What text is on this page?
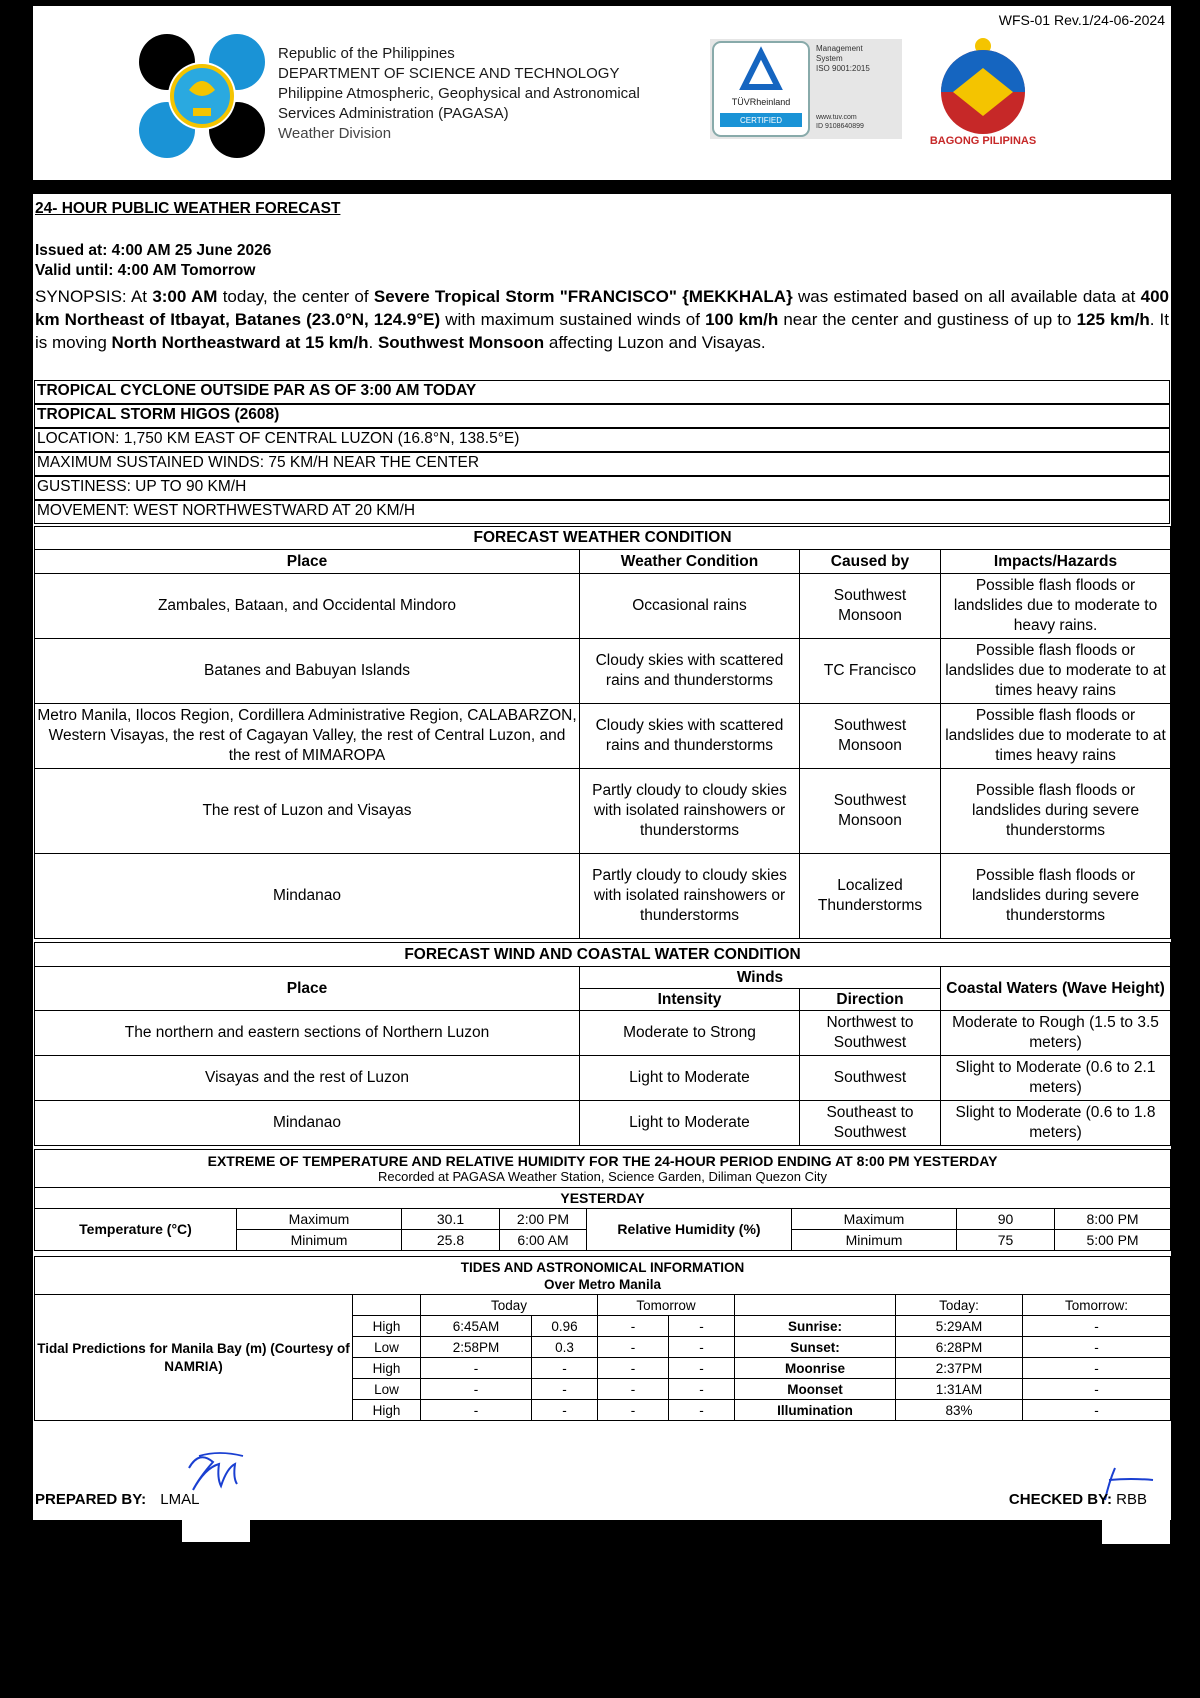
WFS-01 Rev.1/24-06-2024
Republic of the Philippines
DEPARTMENT OF SCIENCE AND TECHNOLOGY
Philippine Atmospheric, Geophysical and Astronomical
Services Administration (PAGASA)
Weather Division
TÜVRheinland
CERTIFIED
Management
System
ISO 9001:2015
www.tuv.com
ID 9108640899
BAGONG PILIPINAS
24- HOUR PUBLIC WEATHER FORECAST
Issued at: 4:00 AM 25 June 2026
Valid until: 4:00 AM Tomorrow
SYNOPSIS: At 3:00 AM today, the center of Severe Tropical Storm "FRANCISCO" {MEKKHALA} was estimated based on all available data at 400 km Northeast of Itbayat, Batanes (23.0°N, 124.9°E) with maximum sustained winds of 100 km/h near the center and gustiness of up to 125 km/h. It is moving North Northeastward at 15 km/h. Southwest Monsoon affecting Luzon and Visayas.
TROPICAL CYCLONE OUTSIDE PAR AS OF 3:00 AM TODAY
TROPICAL STORM HIGOS (2608)
LOCATION: 1,750 KM EAST OF CENTRAL LUZON (16.8°N, 138.5°E)
MAXIMUM SUSTAINED WINDS: 75 KM/H NEAR THE CENTER
GUSTINESS: UP TO 90 KM/H
MOVEMENT: WEST NORTHWESTWARD AT 20 KM/H
FORECAST WEATHER CONDITION			
Place	Weather Condition	Caused by	Impacts/Hazards
Zambales, Bataan, and Occidental Mindoro	Occasional rains	Southwest Monsoon	Possible flash floods or landslides due to moderate to heavy rains.
Batanes and Babuyan Islands	Cloudy skies with scattered rains and thunderstorms	TC Francisco	Possible flash floods or landslides due to moderate to at times heavy rains
Metro Manila, Ilocos Region, Cordillera Administrative Region, CALABARZON, Western Visayas, the rest of Cagayan Valley, the rest of Central Luzon, and the rest of MIMAROPA	Cloudy skies with scattered rains and thunderstorms	Southwest Monsoon	Possible flash floods or landslides due to moderate to at times heavy rains
The rest of Luzon and Visayas	Partly cloudy to cloudy skies with isolated rainshowers or thunderstorms	Southwest Monsoon	Possible flash floods or landslides during severe thunderstorms
Mindanao	Partly cloudy to cloudy skies with isolated rainshowers or thunderstorms	Localized Thunderstorms	Possible flash floods or landslides during severe thunderstorms
FORECAST WIND AND COASTAL WATER CONDITION			
Place	Winds		Coastal Waters (Wave Height)
	Intensity	Direction	
The northern and eastern sections of Northern Luzon	Moderate to Strong	Northwest to Southwest	Moderate to Rough (1.5 to 3.5 meters)
Visayas and the rest of Luzon	Light to Moderate	Southwest	Slight to Moderate (0.6 to 2.1 meters)
Mindanao	Light to Moderate	Southeast to Southwest	Slight to Moderate (0.6 to 1.8 meters)
EXTREME OF TEMPERATURE AND RELATIVE HUMIDITY FOR THE 24-HOUR PERIOD ENDING AT 8:00 PM YESTERDAY
Recorded at PAGASA Weather Station, Science Garden, Diliman Quezon City							

YESTERDAY							
Temperature (°C)	Maximum	30.1	2:00 PM	Relative Humidity (%)	Maximum	90	8:00 PM
	Minimum	25.8	6:00 AM		Minimum	75	5:00 PM
TIDES AND ASTRONOMICAL INFORMATION
Over Metro Manila								

Tidal Predictions for Manila Bay (m) (Courtesy of NAMRIA)		Today		Tomorrow			Today:	Tomorrow:
	High	6:45AM	0.96	-	-	Sunrise:	5:29AM	-
	Low	2:58PM	0.3	-	-	Sunset:	6:28PM	-
	High	-	-	-	-	Moonrise	2:37PM	-
	Low	-	-	-	-	Moonset	1:31AM	-
	High	-	-	-	-	Illumination	83%	-
PREPARED BY: LMAL	CHECKED BY: RBB
